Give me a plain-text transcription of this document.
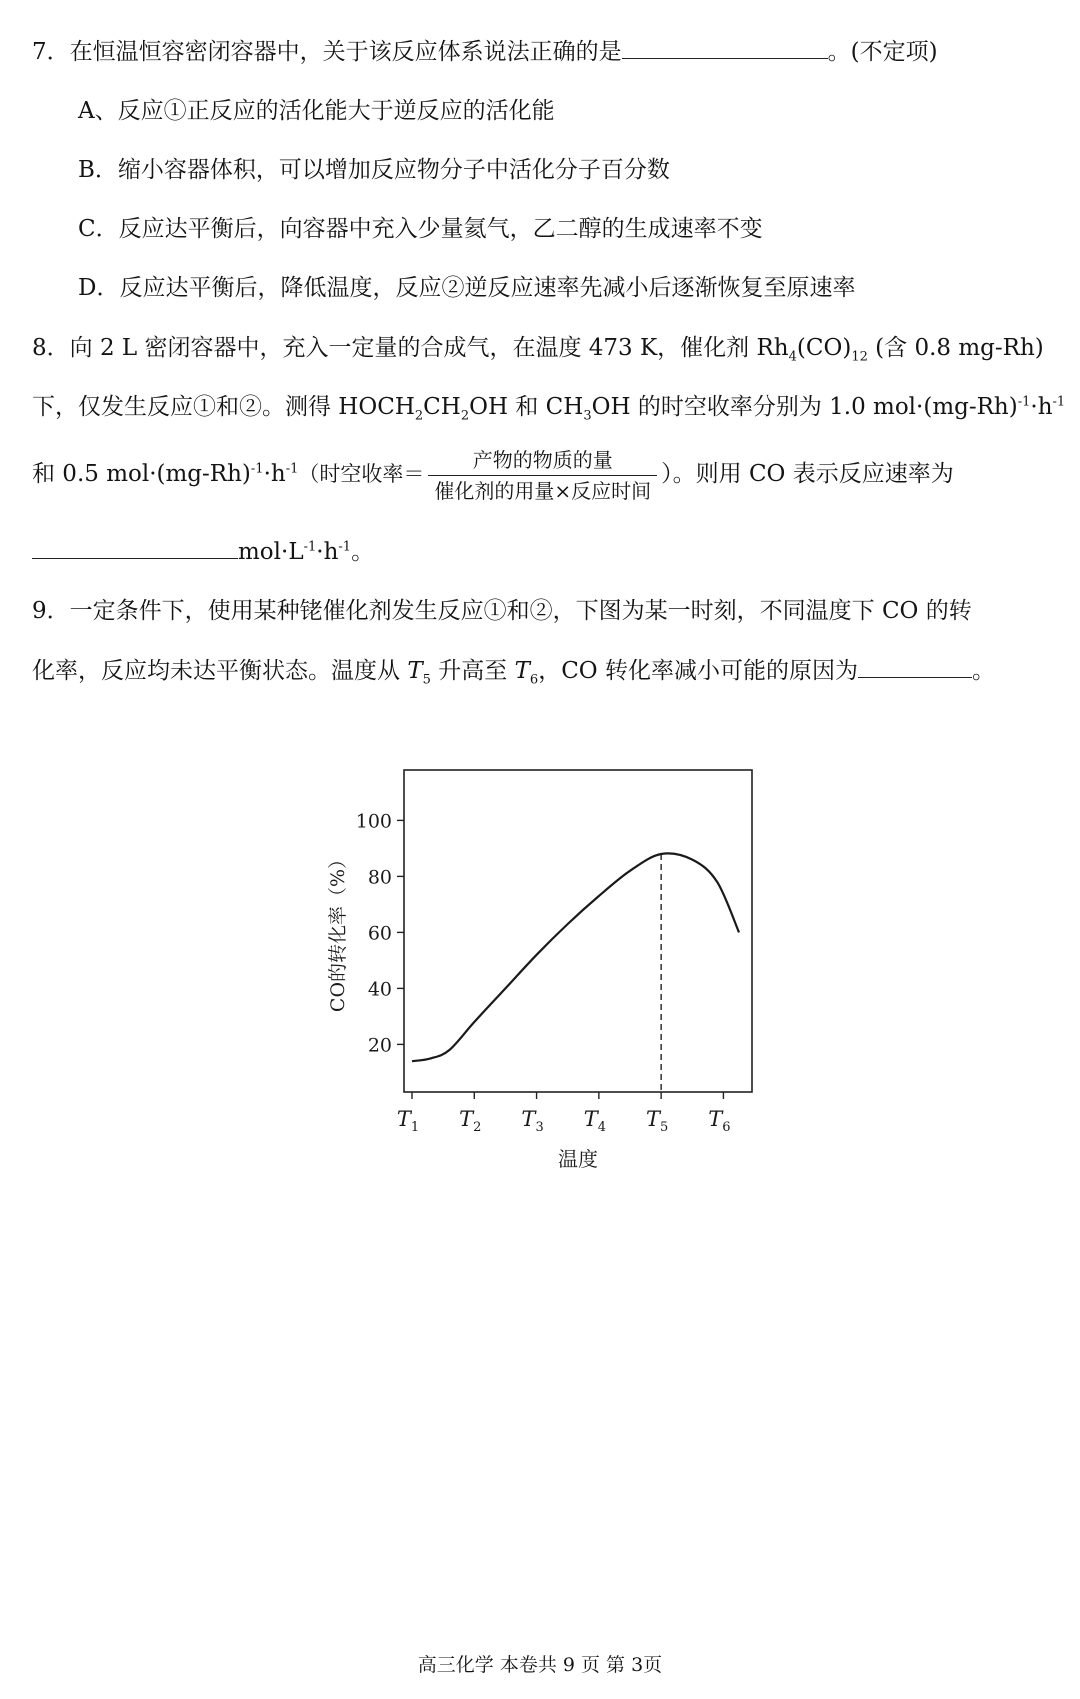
7．在恒温恒容密闭容器中，关于该反应体系说法正确的是	。(不定项)
A、反应①正反应的活化能大于逆反应的活化能
B．缩小容器体积，可以增加反应物分子中活化分子百分数
C．反应达平衡后，向容器中充入少量氦气，乙二醇的生成速率不变
D．反应达平衡后，降低温度，反应②逆反应速率先减小后逐渐恢复至原速率
8．向 2 L 密闭容器中，充入一定量的合成气，在温度 473 K，催化剂 $Rh_4(CO)_{12}$ (含 0.8 mg-Rh)
下，仅发生反应①和②。测得 $HOCH_2CH_2OH$ 和 $CH_3OH$ 的时空收率分别为 1.0 $mol\cdot(mg-Rh)^{-1}\cdot h^{-1}$
和 0.5 $mol\cdot(mg-Rh)^{-1}\cdot h^{-1}$（时空收率＝ $\frac{\text{产物的物质的量}}{\text{催化剂的用量×反应时间}}$ ）。则用 CO 表示反应速率为
$mol\cdot L^{-1}\cdot h^{-1}$。
9．一定条件下，使用某种铑催化剂发生反应①和②，下图为某一时刻，不同温度下 CO 的转
化率，反应均未达平衡状态。温度从 $T_5$ 升高至 $T_6$，CO 转化率减小可能的原因为	。
20
40
60
80
100
$T_1$ $T_2$ $T_3$ $T_4$ $T_5$ $T_6$
CO的转化率（%）
温度
高三化学 本卷共 9 页 第 3页
